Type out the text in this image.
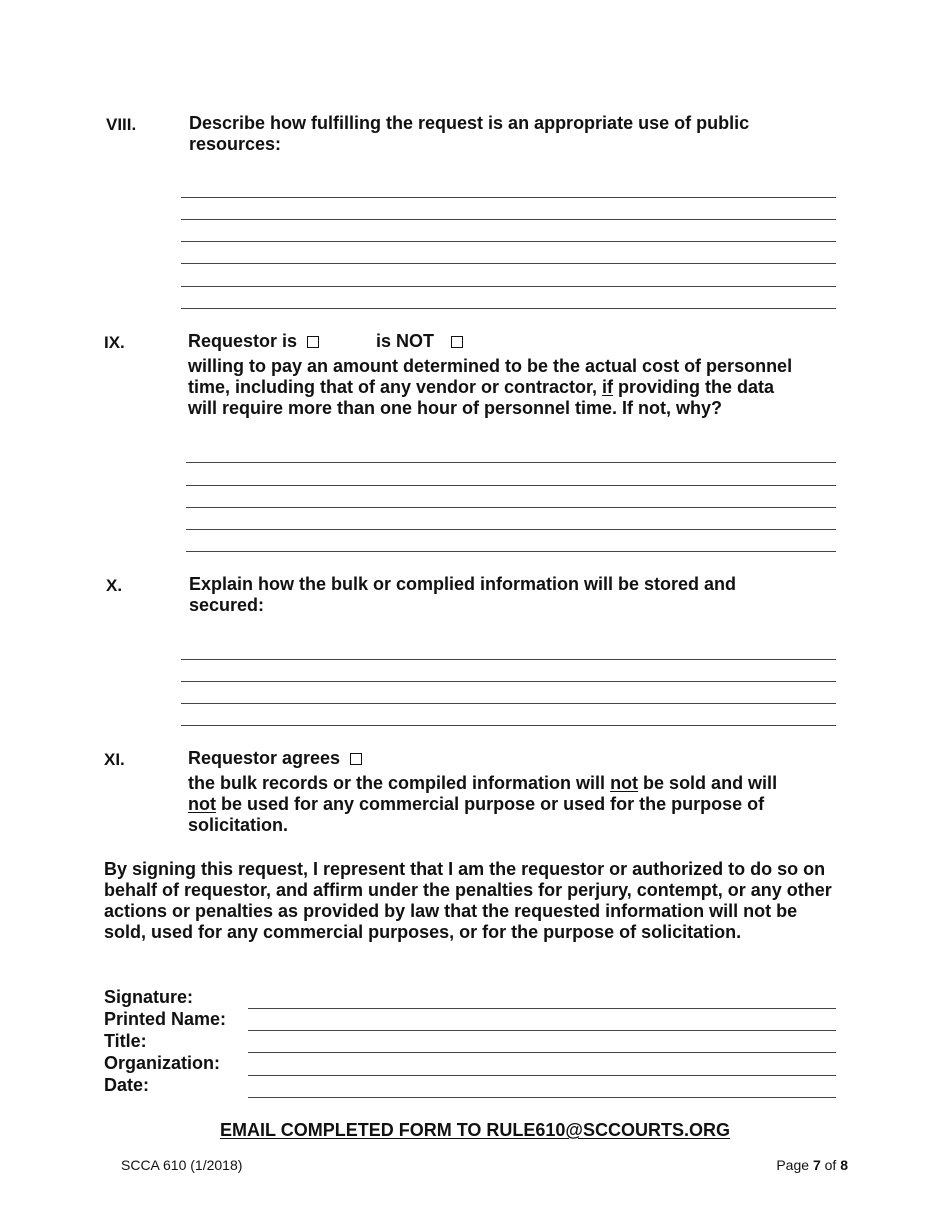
VIII.	Describe how fulfilling the request is an appropriate use of public resources:
IX.	Requestor is	is NOT
willing to pay an amount determined to be the actual cost of personnel
time, including that of any vendor or contractor, if providing the data
will require more than one hour of personnel time. If not, why?
X.	Explain how the bulk or complied information will be stored and secured:
XI.	Requestor agrees
the bulk records or the compiled information will not be sold and will
not be used for any commercial purpose or used for the purpose of
solicitation.
By signing this request, I represent that I am the requestor or authorized to do so on behalf of requestor, and affirm under the penalties for perjury, contempt, or any other actions or penalties as provided by law that the requested information will not be sold, used for any commercial purposes, or for the purpose of solicitation.
Signature:
Printed Name:
Title:
Organization:
Date:
EMAIL COMPLETED FORM TO RULE610@SCCOURTS.ORG
SCCA 610 (1/2018)	Page 7 of 8
